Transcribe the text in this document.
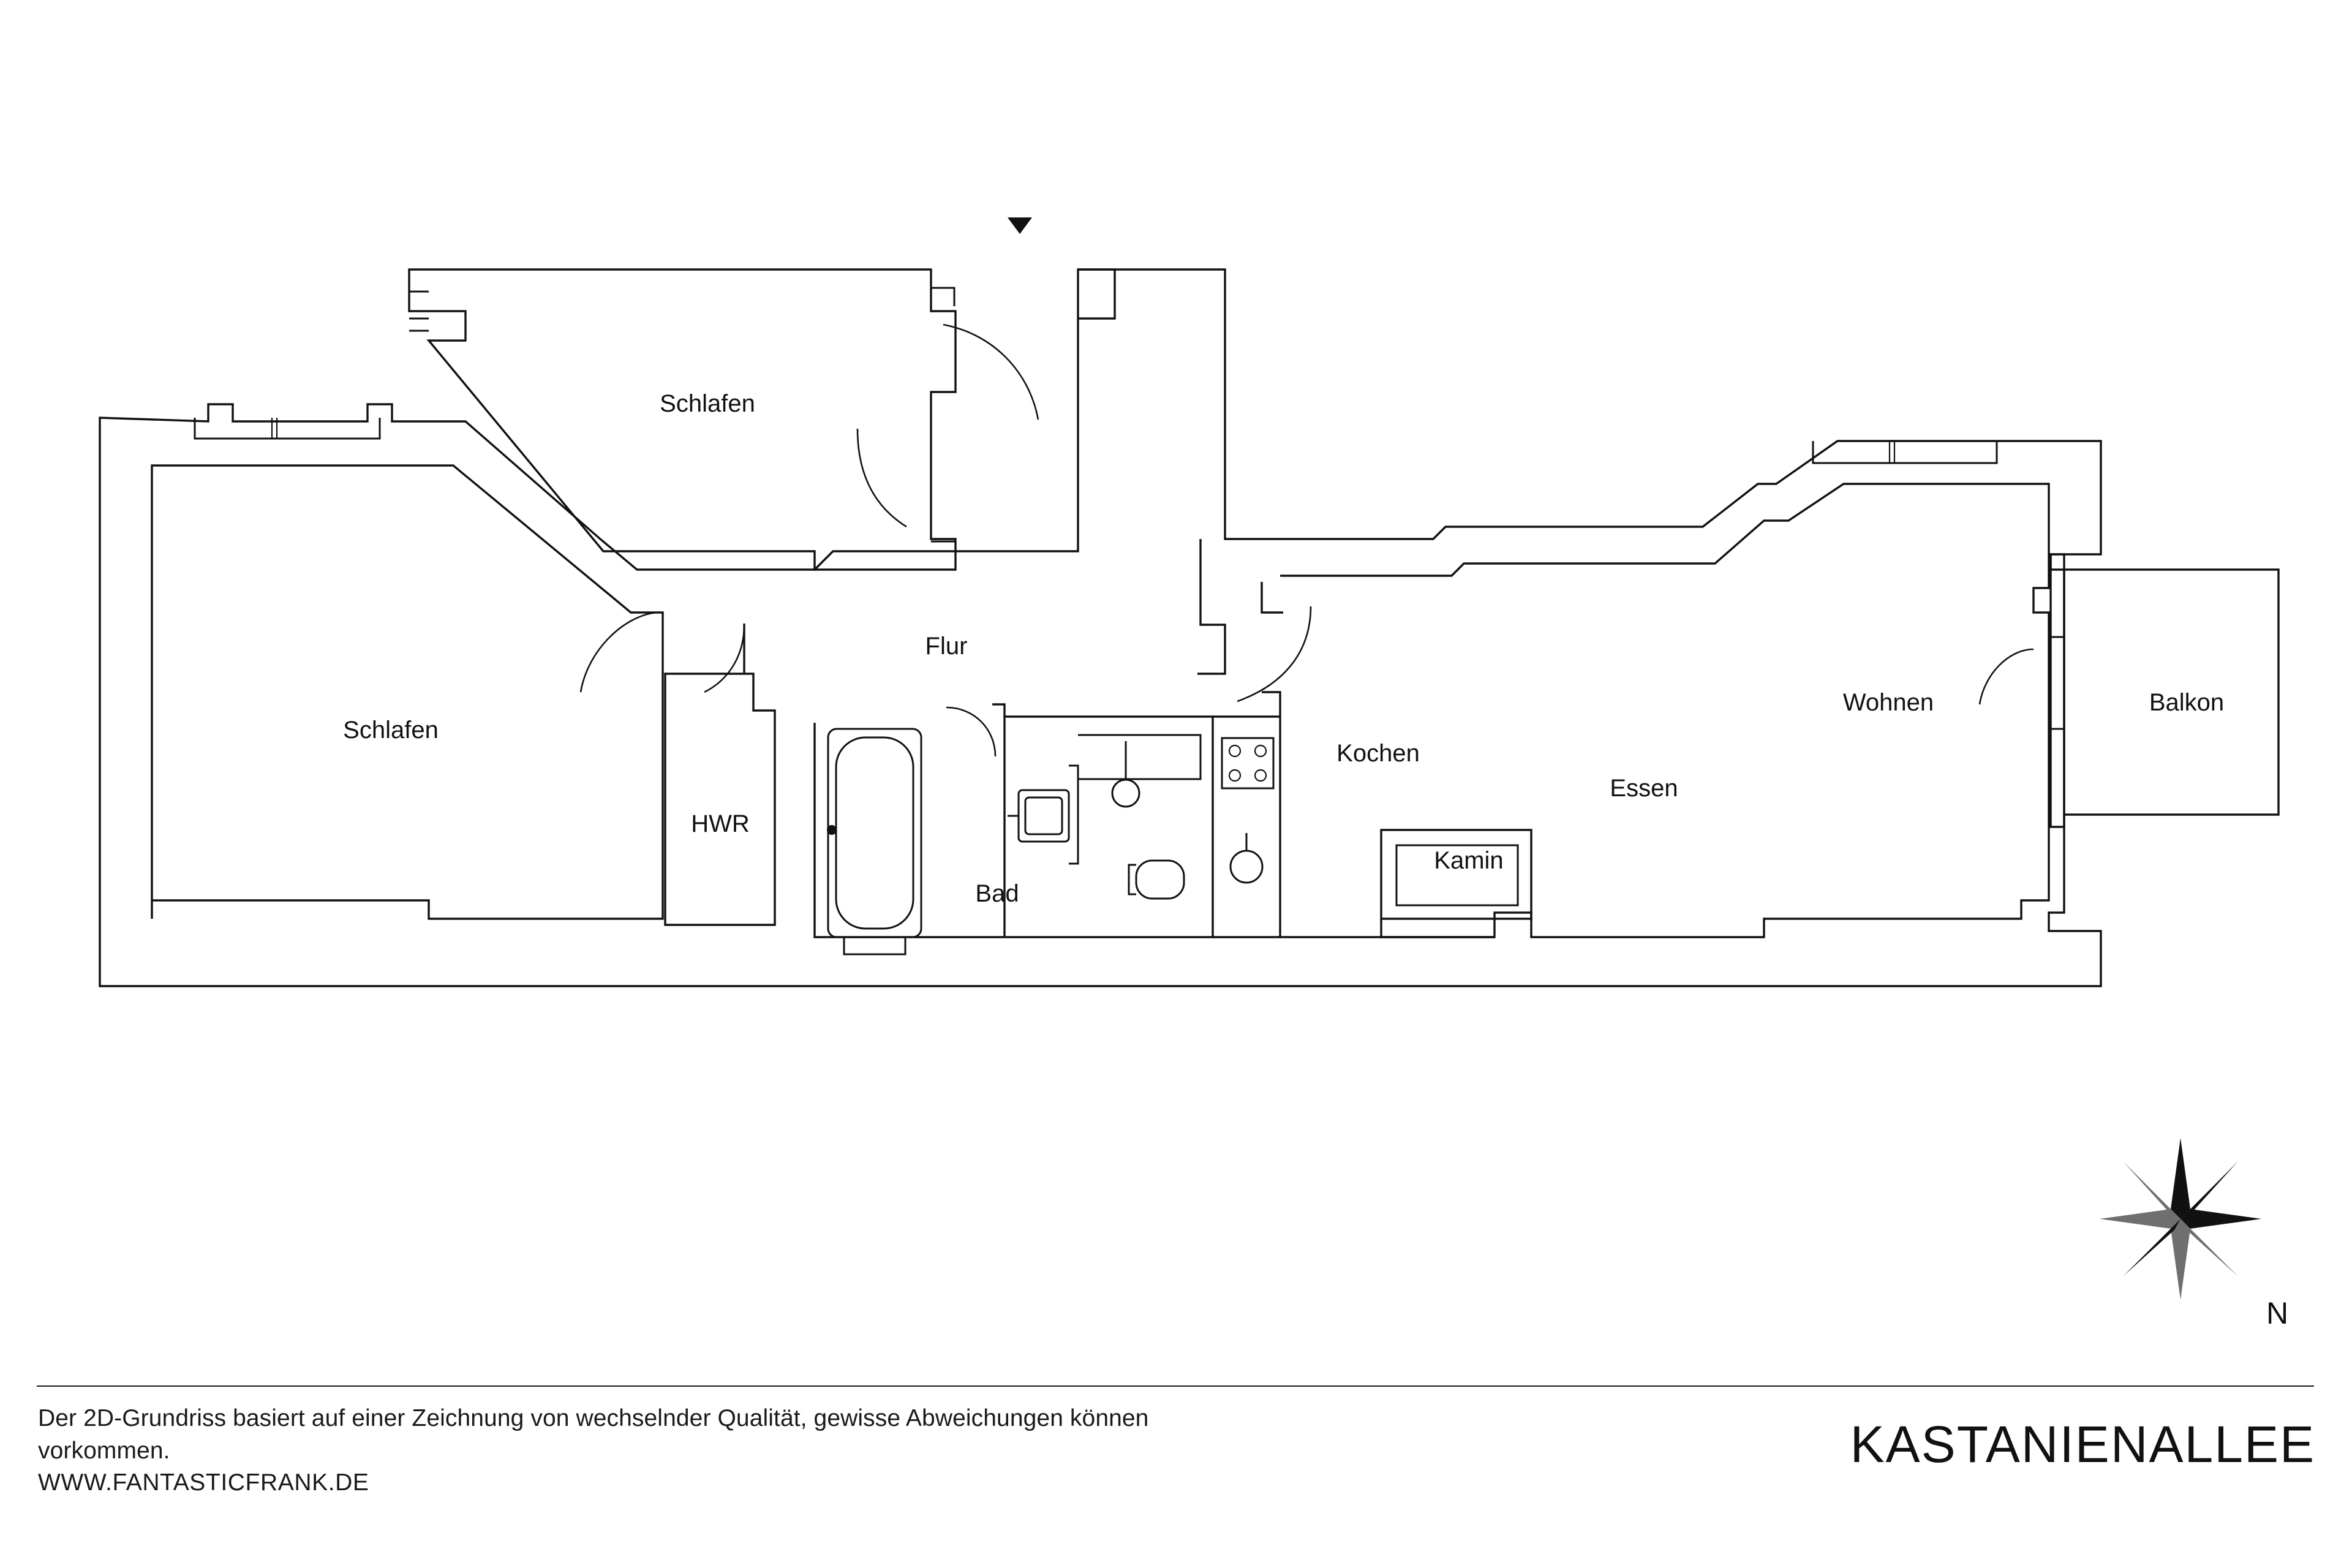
Schlafen
Schlafen
HWR
Flur
Bad
Kochen
Kamin
Essen
Wohnen	Balkon
N
Der 2D-Grundriss basiert auf einer Zeichnung von wechselnder Qualität, gewisse Abweichungen können vorkommen.
WWW.FANTASTICFRANK.DE
KASTANIENALLEE
